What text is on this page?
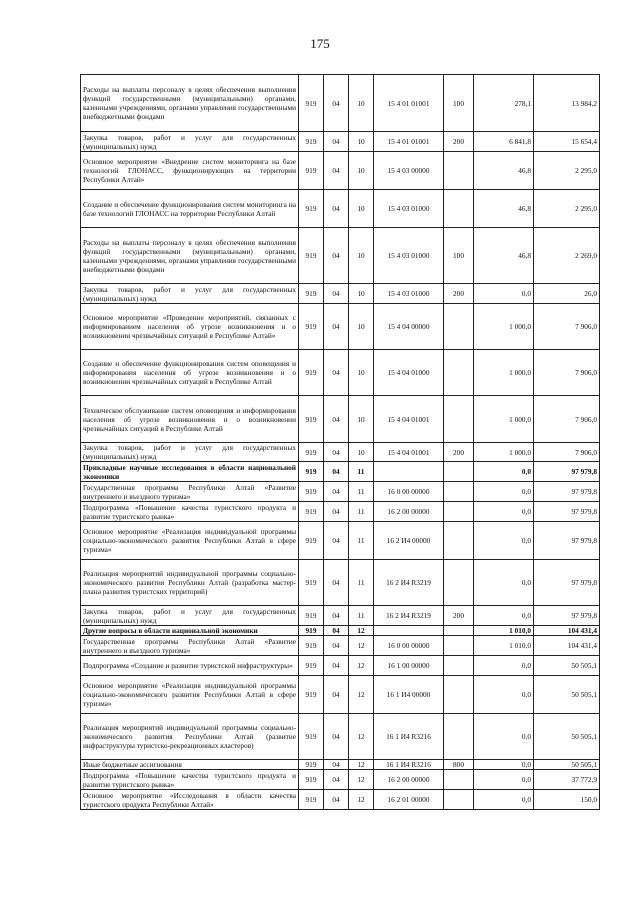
175
Расходы на выплаты персоналу в целях обеспечения выполнения функций государственными (муниципальными) органами, казенными учреждениями, органами управления государственными внебюджетными фондами	919	04	10	15 4 01 01001	100	278,1	13 984,2
Закупка товаров, работ и услуг для государственных (муниципальных) нужд	919	04	10	15 4 01 01001	200	6 841,8	15 654,4
Основное мероприятие «Внедрение систем мониторинга на базе технологий ГЛОНАСС, функционирующих на территории Республики Алтай»	919	04	10	15 4 03 00000		46,8	2 295,0
Создание и обеспечение функционирования систем мониторинга на базе технологий ГЛОНАСС на территории Республики Алтай	919	04	10	15 4 03 01000		46,8	2 295,0
Расходы на выплаты персоналу в целях обеспечения выполнения функций государственными (муниципальными) органами, казенными учреждениями, органами управления государственными внебюджетными фондами	919	04	10	15 4 03 01000	100	46,8	2 269,0
Закупка товаров, работ и услуг для государственных (муниципальных) нужд	919	04	10	15 4 03 01000	200	0,0	26,0
Основное мероприятие «Проведение мероприятий, связанных с информированием населения об угрозе возникновения и о возникновении чрезвычайных ситуаций в Республике Алтай»	919	04	10	15 4 04 00000		1 000,0	7 906,0
Создание и обеспечение функционирования систем оповещения и информирования населения об угрозе возникновения и о возникновении чрезвычайных ситуаций в Республике Алтай	919	04	10	15 4 04 01000		1 000,0	7 906,0
Техническое обслуживание систем оповещения и информирования населения об угрозе возникновения и о возникновении чрезвычайных ситуаций в Республике Алтай	919	04	10	15 4 04 01001		1 000,0	7 906,0
Закупка товаров, работ и услуг для государственных (муниципальных) нужд	919	04	10	15 4 04 01001	200	1 000,0	7 906,0
Прикладные научные исследования в области национальной экономики	919	04	11			0,0	97 979,8
Государственная программа Республики Алтай «Развитие внутреннего и въездного туризма»	919	04	11	16 0 00 00000		0,0	97 979,8
Подпрограмма «Повышение качества туристского продукта и развитие туристского рынка»	919	04	11	16 2 00 00000		0,0	97 979,8
Основное мероприятие «Реализация индивидуальной программы социально-экономического развития Республики Алтай в сфере туризма»	919	04	11	16 2 И4 00000		0,0	97 979,8
Реализация мероприятий индивидуальной программы социально-экономического развития Республики Алтай (разработка мастер-плана развития туристских территорий)	919	04	11	16 2 И4 R3219		0,0	97 979,8
Закупка товаров, работ и услуг для государственных (муниципальных) нужд	919	04	11	16 2 И4 R3219	200	0,0	97 979,8
Другие вопросы в области национальной экономики	919	04	12			1 010,0	104 431,4
Государственная программа Республики Алтай «Развитие внутреннего и въездного туризма»	919	04	12	16 0 00 00000		1 010,0	104 431,4
Подпрограмма «Создание и развитие туристской инфраструктуры»	919	04	12	16 1 00 00000		0,0	50 505,1
Основное мероприятие «Реализация индивидуальной программы социально-экономического развития Республики Алтай в сфере туризма»	919	04	12	16 1 И4 00000		0,0	50 505,1
Реализация мероприятий индивидуальной программы социально-экономического развития Республики Алтай (развитие инфраструктуры туристско-рекреационных кластеров)	919	04	12	16 1 И4 R3216		0,0	50 505,1
Иные бюджетные ассигнования	919	04	12	16 1 И4 R3216	800	0,0	50 505,1
Подпрограмма «Повышение качества туристского продукта и развитие туристского рынка»	919	04	12	16 2 00 00000		0,0	37 772,9
Основное мероприятие «Исследования в области качества туристского продукта Республики Алтай»	919	04	12	16 2 01 00000		0,0	150,0
